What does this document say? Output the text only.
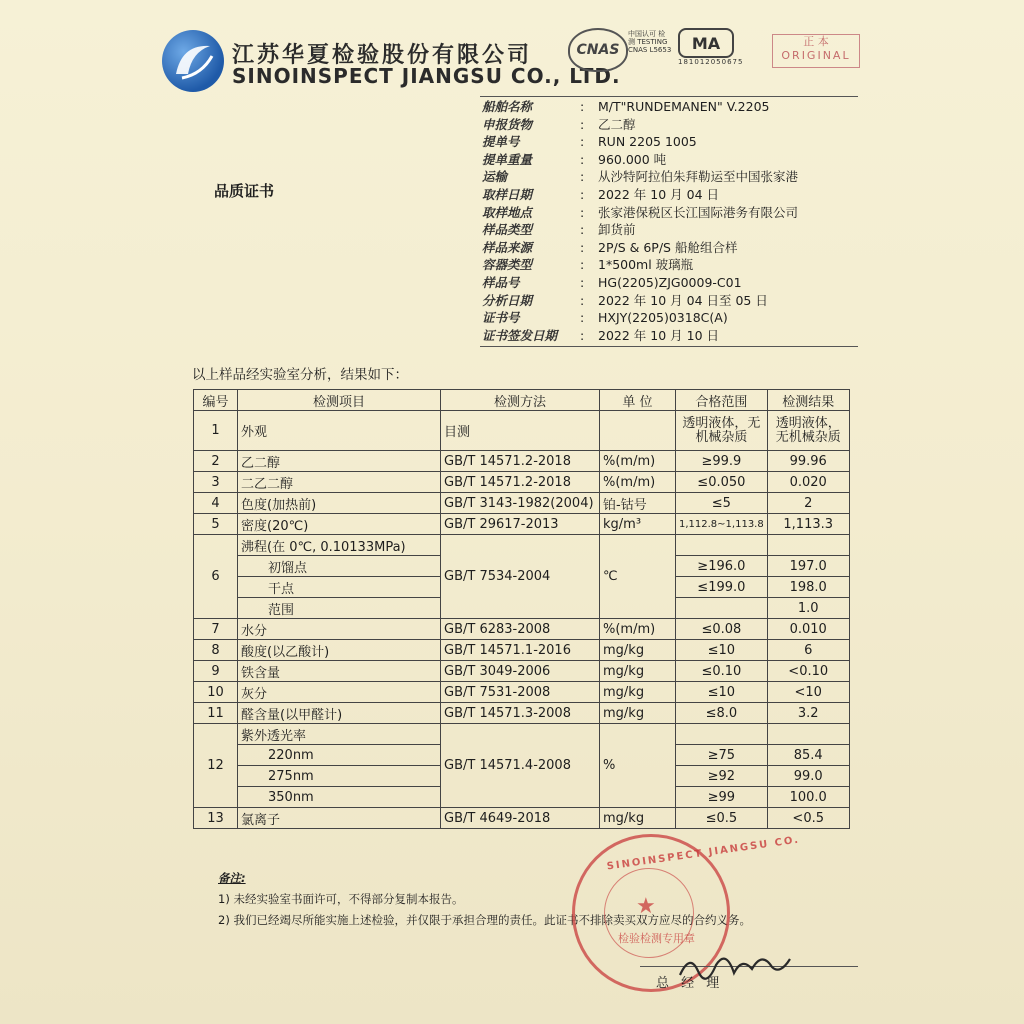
江苏华夏检验股份有限公司
SINOINSPECT JIANGSU CO., LTD.
CNAS
中国认可 检测 TESTING CNAS L5653	MA
181012050675
正 本
ORIGINAL
品质证书
船舶名称	: M/T"RUNDEMANEN" V.2205
申报货物	: 乙二醇
提单号	: RUN 2205 1005
提单重量	: 960.000 吨
运输	: 从沙特阿拉伯朱拜勒运至中国张家港
取样日期	: 2022 年 10 月 04 日
取样地点	: 张家港保税区长江国际港务有限公司
样品类型	: 卸货前
样品来源	: 2P/S & 6P/S 船舱组合样
容器类型	: 1*500ml 玻璃瓶
样品号	: HG(2205)ZJG0009-C01
分析日期	: 2022 年 10 月 04 日至 05 日
证书号	: HXJY(2205)0318C(A)
证书签发日期 : 2022 年 10 月 10 日
以上样品经实验室分析，结果如下：
编号	检测项目	检测方法	单 位	合格范围	检测结果
1	外观	目测		透明液体，无机械杂质	透明液体，无机械杂质
2	乙二醇	GB/T 14571.2-2018	%(m/m)	≥99.9	99.96
3	二乙二醇	GB/T 14571.2-2018	%(m/m)	≤0.050	0.020
4	色度(加热前)	GB/T 3143-1982(2004)	铂-钴号	≤5	2
5	密度(20℃)	GB/T 29617-2013	kg/m³	1,112.8~1,113.8	1,113.3
6	沸程(在 0℃, 0.10133MPa)	GB/T 7534-2004	℃		
	初馏点			≥196.0	197.0
	干点			≤199.0	198.0
	范围				1.0
7	水分	GB/T 6283-2008	%(m/m)	≤0.08	0.010
8	酸度(以乙酸计)	GB/T 14571.1-2016	mg/kg	≤10	6
9	铁含量	GB/T 3049-2006	mg/kg	≤0.10	<0.10
10	灰分	GB/T 7531-2008	mg/kg	≤10	<10
11	醛含量(以甲醛计)	GB/T 14571.3-2008	mg/kg	≤8.0	3.2
12	紫外透光率	GB/T 14571.4-2008	%		
	220nm			≥75	85.4
	275nm			≥92	99.0
	350nm			≥99	100.0
13	氯离子	GB/T 4649-2018	mg/kg	≤0.5	<0.5
备注:
1) 未经实验室书面许可，不得部分复制本报告。
2) 我们已经竭尽所能实施上述检验，并仅限于承担合理的责任。此证书不排除卖买双方应尽的合约义务。
SINOINSPECT JIANGSU CO.
★
检验检测专用章
总 经 理
